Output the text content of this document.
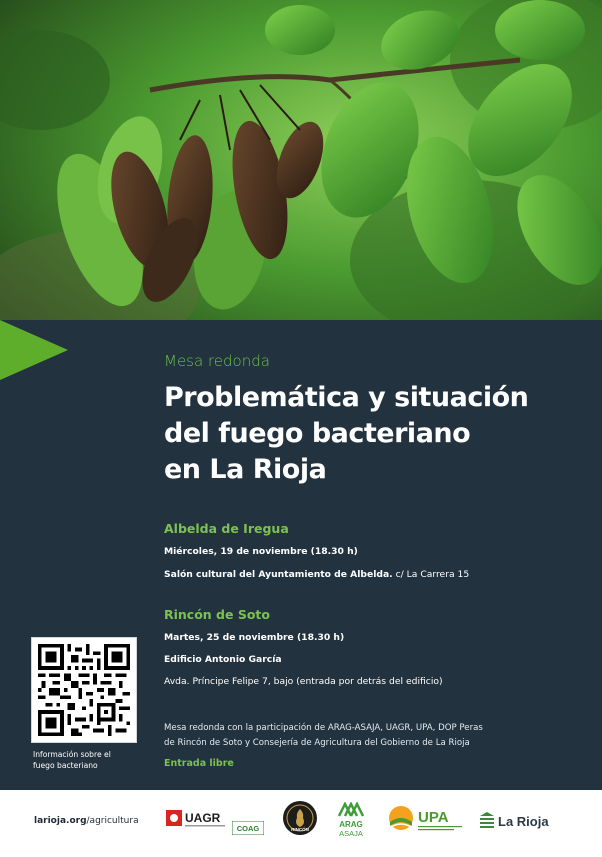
Mesa redonda
Problemática y situación
del fuego bacteriano
en La Rioja
Albelda de Iregua
Miércoles, 19 de noviembre (18.30 h)
Salón cultural del Ayuntamiento de Albelda. c/ La Carrera 15
Rincón de Soto
Martes, 25 de noviembre (18.30 h)
Edificio Antonio García
Avda. Príncipe Felipe 7, bajo (entrada por detrás del edificio)
Mesa redonda con la participación de ARAG-ASAJA, UAGR, UPA, DOP Peras
de Rincón de Soto y Consejería de Agricultura del Gobierno de La Rioja
Entrada libre
Información sobre el
fuego bacteriano
larioja.org/agricultura	UAGR
COAG	RINCÓN
ARAG
ASAJA
UPA	La Rioja
